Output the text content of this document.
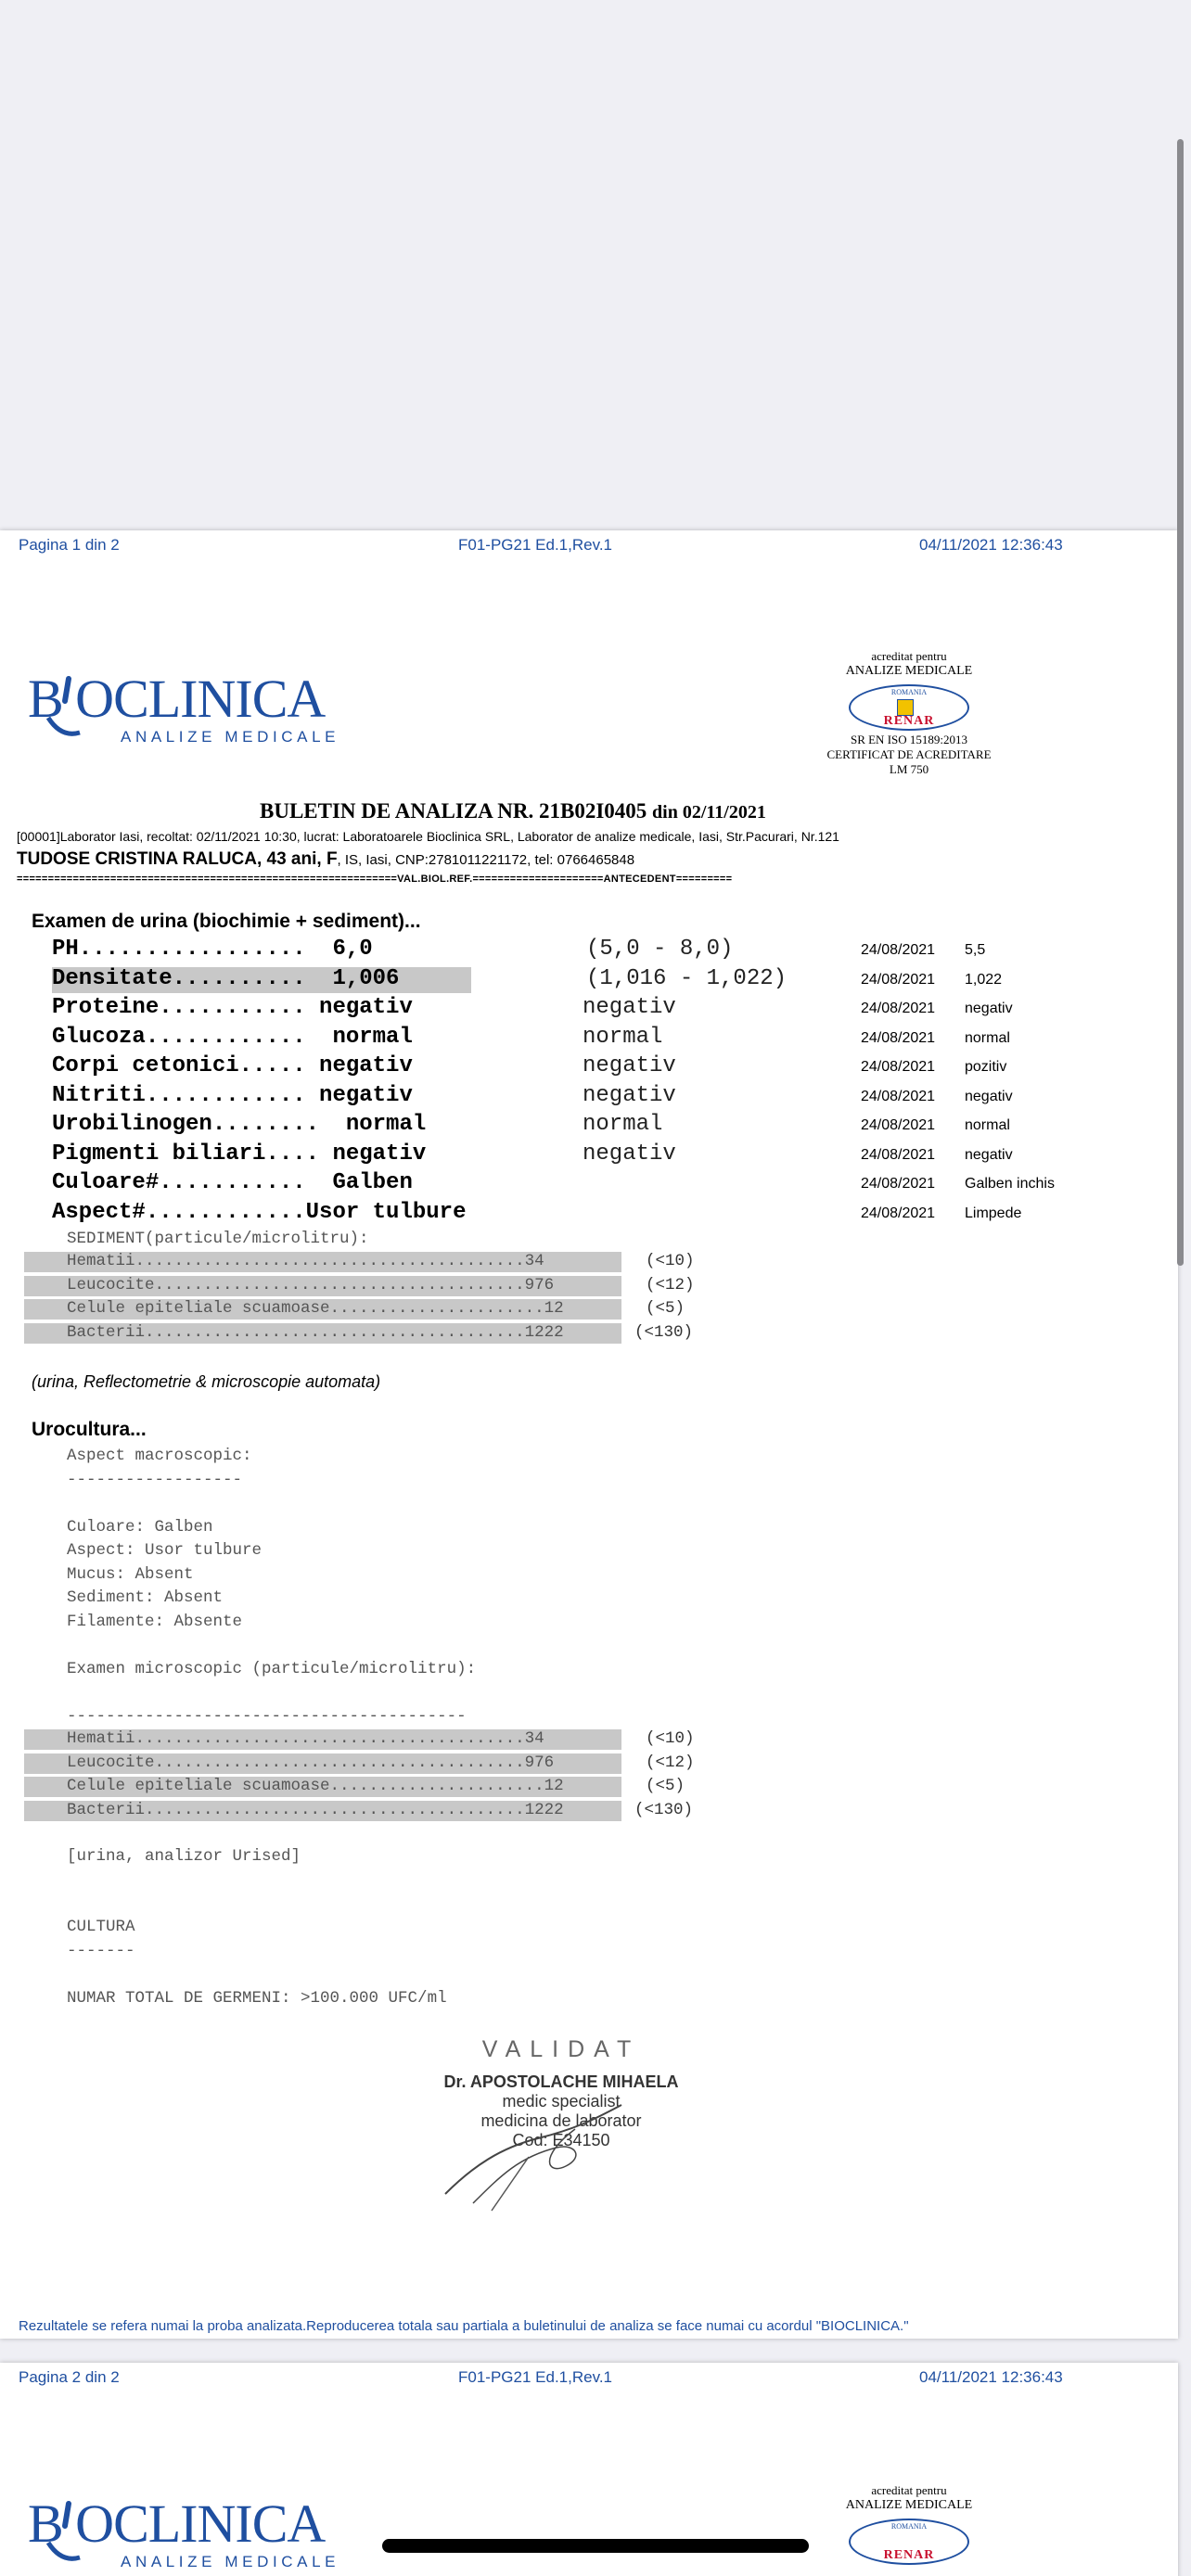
Pagina 1 din 2	F01-PG21 Ed.1,Rev.1	04/11/2021 12:36:43
B OCLINICA
ANALIZE MEDICALE
acreditat pentru
ANALIZE MEDICALE
ROMANIA
RENAR
SR EN ISO 15189:2013
CERTIFICAT DE ACREDITARE
LM 750
BULETIN DE ANALIZA NR. 21B02I0405 din 02/11/2021
[00001]Laborator Iasi, recoltat: 02/11/2021 10:30, lucrat: Laboratoarele Bioclinica SRL, Laborator de analize medicale, Iasi, Str.Pacurari, Nr.121
TUDOSE CRISTINA RALUCA, 43 ani, F, IS, Iasi, CNP:2781011221172, tel: 0766465848
=============================================================VAL.BIOL.REF.=====================ANTECEDENT=========
Examen de urina (biochimie + sediment)...
PH.................  6,0	(5,0 - 8,0)	24/08/2021 5,5
Densitate..........  1,006	(1,016 - 1,022)	24/08/2021 1,022
Proteine........... negativ	negativ	24/08/2021 negativ
Glucoza............  normal	normal	24/08/2021 normal
Corpi cetonici..... negativ	negativ	24/08/2021 pozitiv
Nitriti............ negativ	negativ	24/08/2021 negativ
Urobilinogen........  normal	normal	24/08/2021 normal
Pigmenti biliari.... negativ	negativ	24/08/2021 negativ
Culoare#...........  Galben	24/08/2021 Galben inchis
Aspect#............Usor tulbure	24/08/2021 Limpede
SEDIMENT(particule/microlitru):
Hematii........................................34	(<10)
Leucocite......................................976	(<12)
Celule epiteliale scuamoase......................12	(<5)
Bacterii.......................................1222	(<130)
(urina, Reflectometrie & microscopie automata)
Urocultura...
Aspect macroscopic:
------------------
Culoare: Galben
Aspect: Usor tulbure
Mucus: Absent
Sediment: Absent
Filamente: Absente
Examen microscopic (particule/microlitru):
-----------------------------------------
Hematii........................................34	(<10)
Leucocite......................................976	(<12)
Celule epiteliale scuamoase......................12	(<5)
Bacterii.......................................1222	(<130)
[urina, analizor Urised]
CULTURA
-------
NUMAR TOTAL DE GERMENI: >100.000 UFC/ml
VALIDAT
Dr. APOSTOLACHE MIHAELA
medic specialist
medicina de laborator
Cod: E34150
Rezultatele se refera numai la proba analizata.Reproducerea totala sau partiala a buletinului de analiza se face numai cu acordul "BIOCLINICA."
Pagina 2 din 2	F01-PG21 Ed.1,Rev.1	04/11/2021 12:36:43
B OCLINICA
ANALIZE MEDICALE
acreditat pentru
ANALIZE MEDICALE
ROMANIA
RENAR
